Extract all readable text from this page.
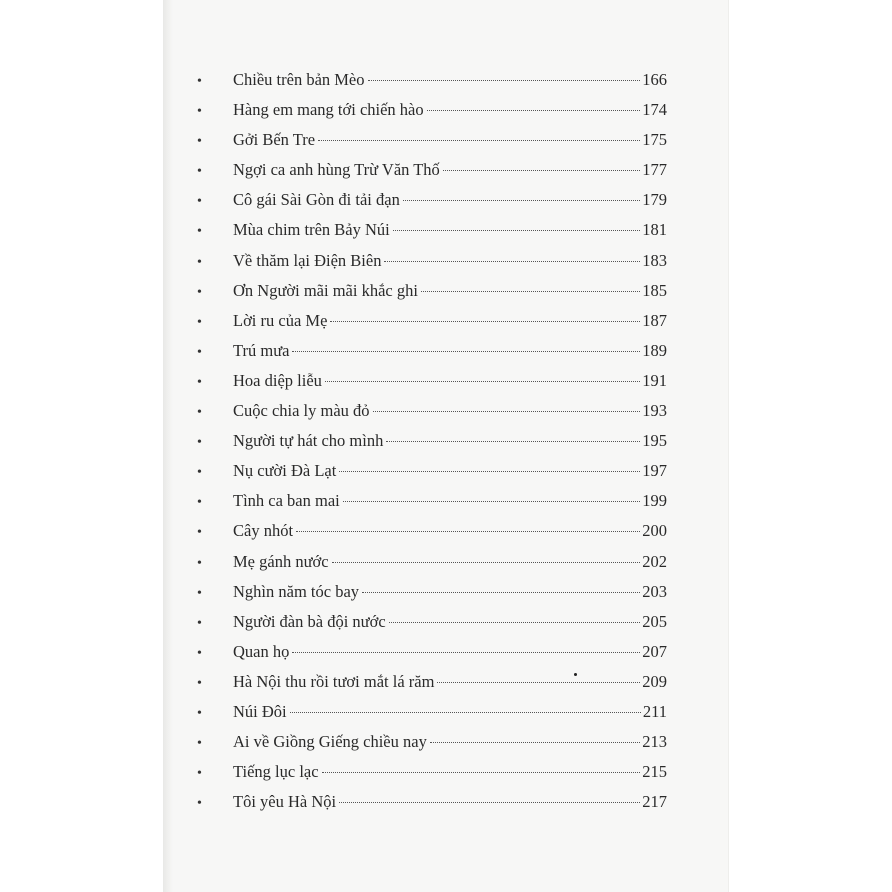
•	Chiều trên bản Mèo	166
•	Hàng em mang tới chiến hào	174
•	Gởi Bến Tre	175
•	Ngợi ca anh hùng Trừ Văn Thố	177
•	Cô gái Sài Gòn đi tải đạn	179
•	Mùa chim trên Bảy Núi	181
•	Về thăm lại Điện Biên	183
•	Ơn Người mãi mãi khắc ghi	185
•	Lời ru của Mẹ	187
•	Trú mưa	189
•	Hoa diệp liễu	191
•	Cuộc chia ly màu đỏ	193
•	Người tự hát cho mình	195
•	Nụ cười Đà Lạt	197
•	Tình ca ban mai	199
•	Cây nhót	200
•	Mẹ gánh nước	202
•	Nghìn năm tóc bay	203
•	Người đàn bà đội nước	205
•	Quan họ	207
•	Hà Nội thu rồi tươi mắt lá răm	209
•	Núi Đôi	211
•	Ai về Giồng Giếng chiều nay	213
•	Tiếng lục lạc	215
•	Tôi yêu Hà Nội	217
